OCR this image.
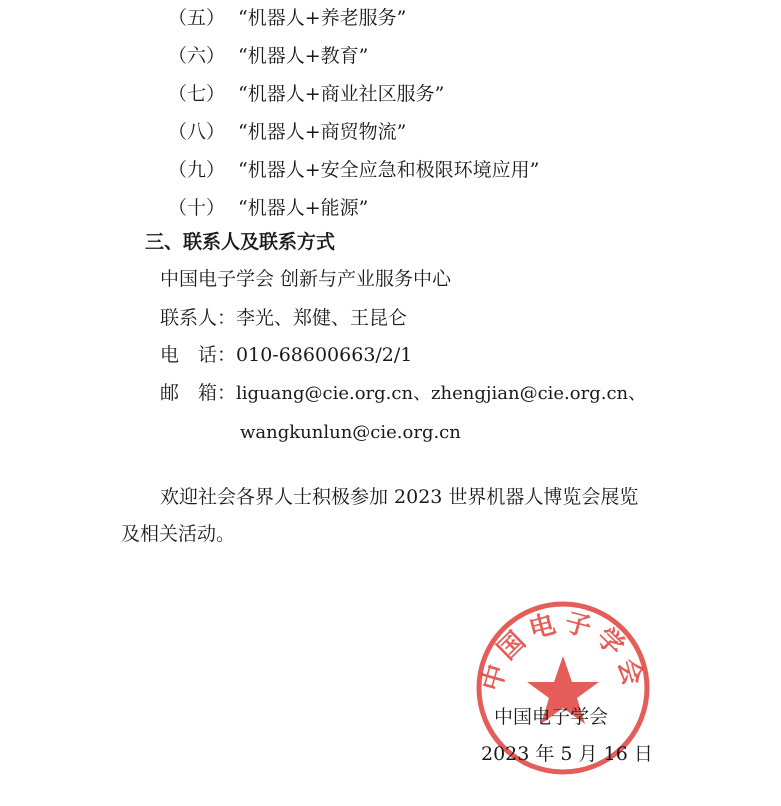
（五） “机器人+养老服务”
（六） “机器人+教育”
（七） “机器人+商业社区服务”
（八） “机器人+商贸物流”
（九） “机器人+安全应急和极限环境应用”
（十） “机器人+能源”
三、联系人及联系方式
中国电子学会 创新与产业服务中心
联系人：李光、郑健、王昆仑
电　话：010-68600663/2/1
邮　箱：liguang@cie.org.cn、zhengjian@cie.org.cn、
wangkunlun@cie.org.cn
欢迎社会各界人士积极参加 2023 世界机器人博览会展览
及相关活动。
中国电子学会
中国电子学会
2023 年 5 月 16 日
